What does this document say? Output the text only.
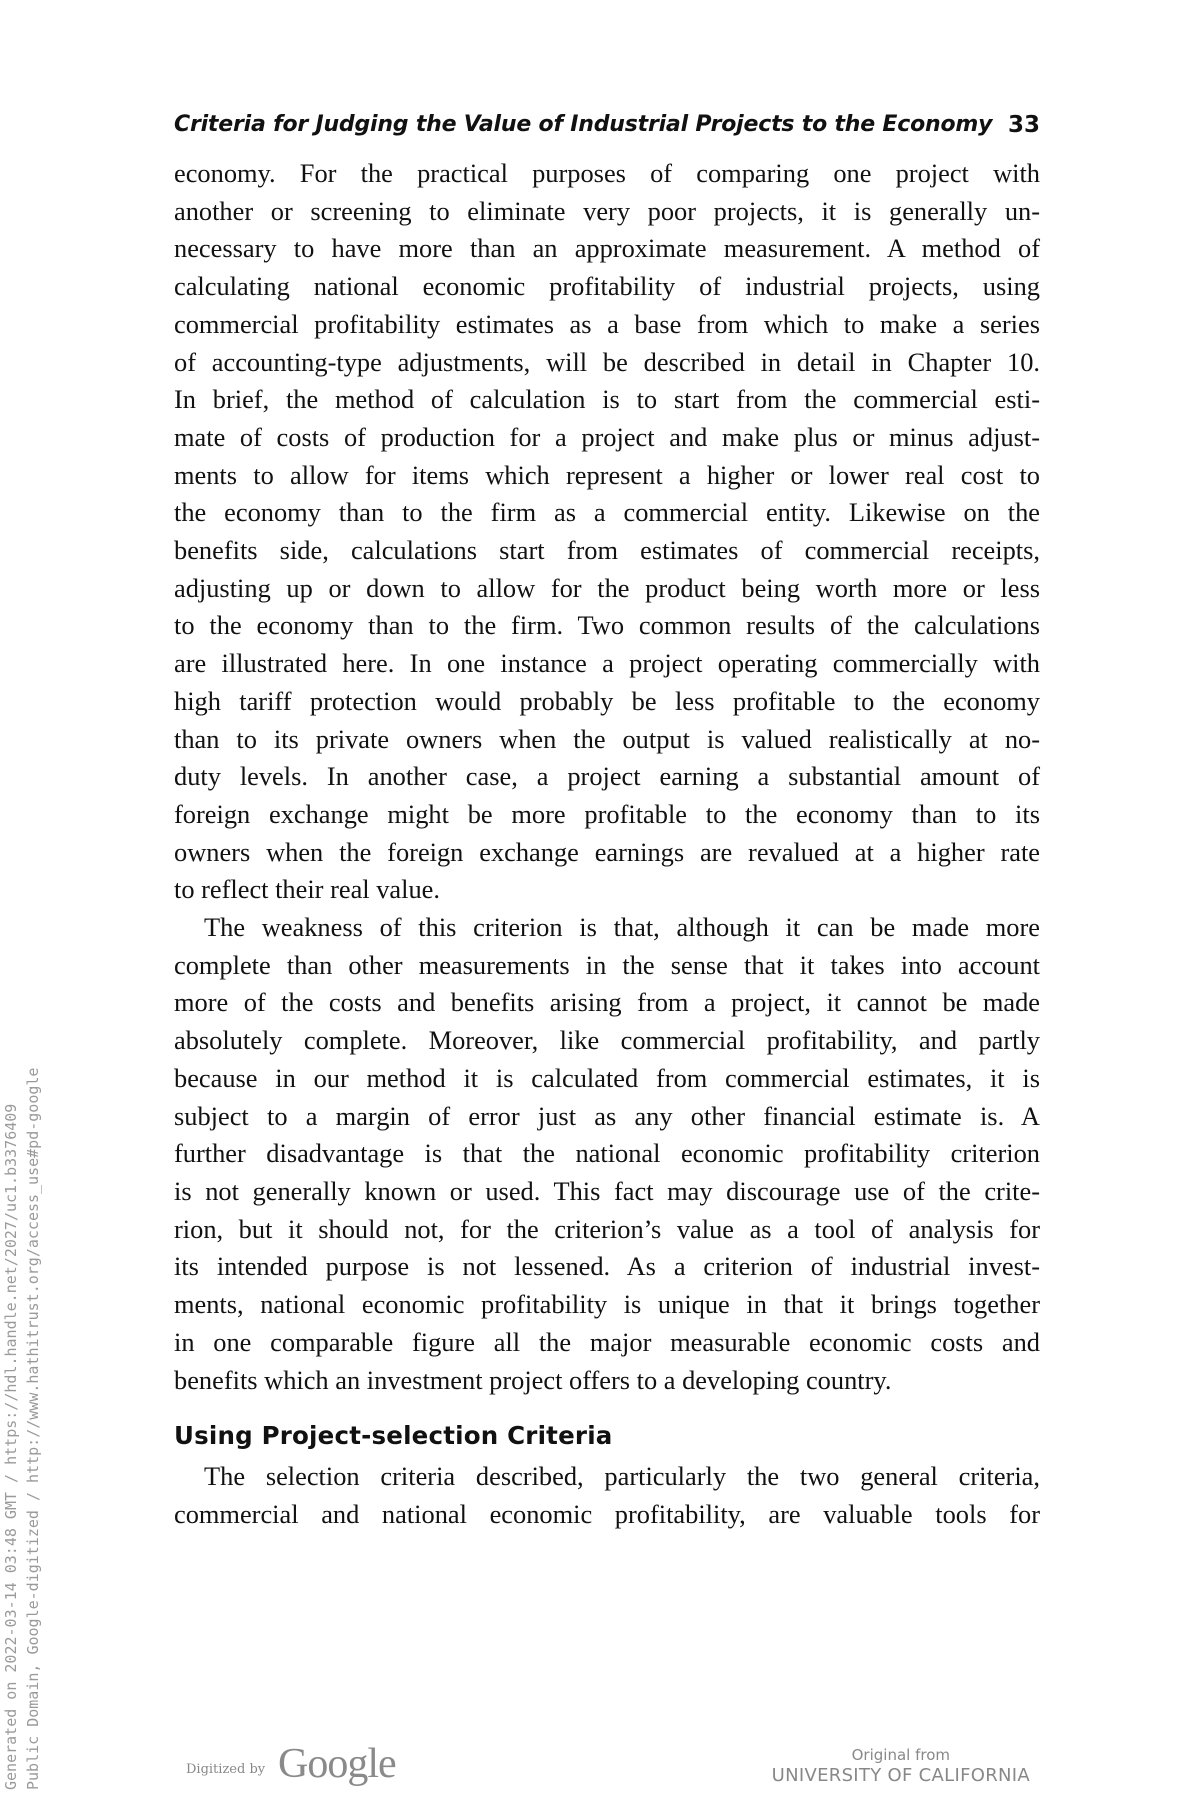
Criteria for Judging the Value of Industrial Projects to the Economy 33

economy. For the practical purposes of comparing one project with
another or screening to eliminate very poor projects, it is generally un-
necessary to have more than an approximate measurement. A method of
calculating national economic profitability of industrial projects, using
commercial profitability estimates as a base from which to make a series
of accounting-type adjustments, will be described in detail in Chapter 10.
In brief, the method of calculation is to start from the commercial esti-
mate of costs of production for a project and make plus or minus adjust-
ments to allow for items which represent a higher or lower real cost to
the economy than to the firm as a commercial entity. Likewise on the
benefits side, calculations start from estimates of commercial receipts,
adjusting up or down to allow for the product being worth more or less
to the economy than to the firm. Two common results of the calculations
are illustrated here. In one instance a project operating commercially with
high tariff protection would probably be less profitable to the economy
than to its private owners when the output is valued realistically at no-
duty levels. In another case, a project earning a substantial amount of
foreign exchange might be more profitable to the economy than to its
owners when the foreign exchange earnings are revalued at a higher rate
to reflect their real value.

The weakness of this criterion is that, although it can be made more
complete than other measurements in the sense that it takes into account
more of the costs and benefits arising from a project, it cannot be made
absolutely complete. Moreover, like commercial profitability, and partly
because in our method it is calculated from commercial estimates, it is
subject to a margin of error just as any other financial estimate is. A
further disadvantage is that the national economic profitability criterion
is not generally known or used. This fact may discourage use of the crite-
rion, but it should not, for the criterion’s value as a tool of analysis for
its intended purpose is not lessened. As a criterion of industrial invest-
ments, national economic profitability is unique in that it brings together
in one comparable figure all the major measurable economic costs and
benefits which an investment project offers to a developing country.

Using Project-selection Criteria

The selection criteria described, particularly the two general criteria,
commercial and national economic profitability, are valuable tools for

Generated on 2022-03-14 03:48 GMT / https://hdl.handle.net/2027/uc1.b3376409 Public Domain, Google-digitized / http://www.hathitrust.org/access_use#pd-google	Digitized by Google	Original from
UNIVERSITY OF CALIFORNIA
